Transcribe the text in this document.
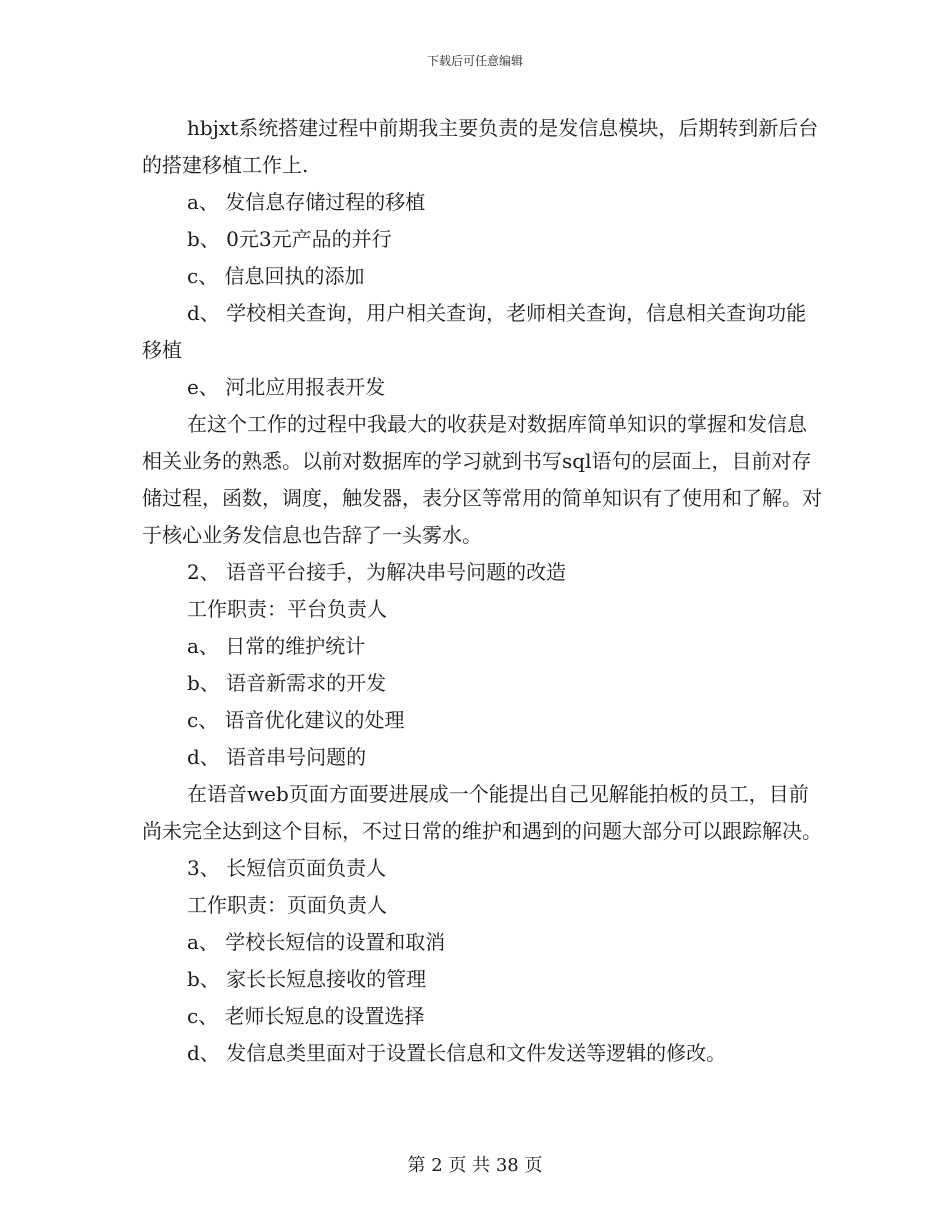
下载后可任意编辑

hbjxt系统搭建过程中前期我主要负责的是发信息模块，后期转到新后台的搭建移植工作上.

a、 发信息存储过程的移植

b、 0元3元产品的并行

c、 信息回执的添加

d、 学校相关查询，用户相关查询，老师相关查询，信息相关查询功能移植

e、 河北应用报表开发

在这个工作的过程中我最大的收获是对数据库简单知识的掌握和发信息相关业务的熟悉。以前对数据库的学习就到书写sql语句的层面上，目前对存储过程，函数，调度，触发器，表分区等常用的简单知识有了使用和了解。对于核心业务发信息也告辞了一头雾水。

2、 语音平台接手，为解决串号问题的改造

工作职责：平台负责人

a、 日常的维护统计

b、 语音新需求的开发

c、 语音优化建议的处理

d、 语音串号问题的

在语音web页面方面要进展成一个能提出自己见解能拍板的员工，目前尚未完全达到这个目标，不过日常的维护和遇到的问题大部分可以跟踪解决。

3、 长短信页面负责人

工作职责：页面负责人

a、 学校长短信的设置和取消

b、 家长长短息接收的管理

c、 老师长短息的设置选择

d、 发信息类里面对于设置长信息和文件发送等逻辑的修改。

第 2 页 共 38 页
